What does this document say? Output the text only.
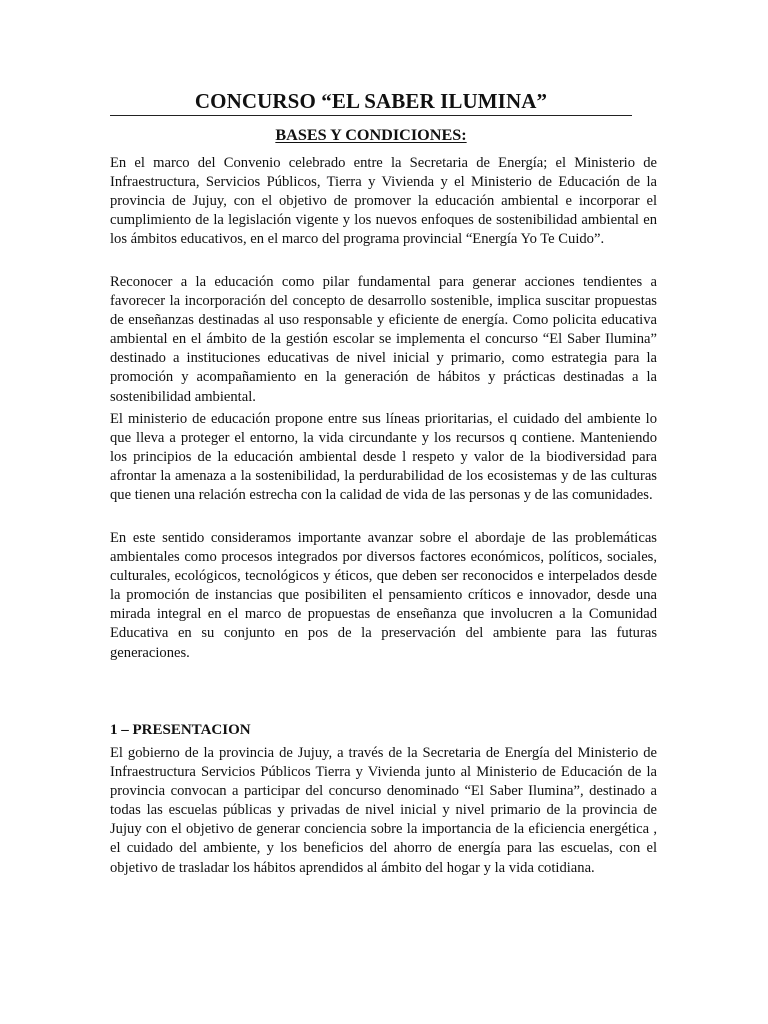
CONCURSO “EL SABER ILUMINA”
BASES Y CONDICIONES:

En el marco del Convenio celebrado entre la Secretaria de Energía; el Ministerio de Infraestructura, Servicios Públicos, Tierra y Vivienda y el Ministerio de Educación de la provincia de Jujuy, con el objetivo de promover la educación ambiental e incorporar el cumplimiento de la legislación vigente y los nuevos enfoques de sostenibilidad ambiental en los ámbitos educativos, en el marco del programa provincial “Energía Yo Te Cuido”.

Reconocer a la educación como pilar fundamental para generar acciones tendientes a favorecer la incorporación del concepto de desarrollo sostenible, implica suscitar propuestas de enseñanzas destinadas al uso responsable y eficiente de energía. Como policita educativa ambiental en el ámbito de la gestión escolar se implementa el concurso “El Saber Ilumina” destinado a instituciones educativas de nivel inicial y primario, como estrategia para la promoción y acompañamiento en la generación de hábitos y prácticas destinadas a la sostenibilidad ambiental.

El ministerio de educación propone entre sus líneas prioritarias, el cuidado del ambiente lo que lleva a proteger el entorno, la vida circundante y los recursos q contiene. Manteniendo los principios de la educación ambiental desde l respeto y valor de la biodiversidad para afrontar la amenaza a la sostenibilidad, la perdurabilidad de los ecosistemas y de las culturas que tienen una relación estrecha con la calidad de vida de las personas y de las comunidades.

En este sentido consideramos importante avanzar sobre el abordaje de las problemáticas ambientales como procesos integrados por diversos factores económicos, políticos, sociales, culturales, ecológicos, tecnológicos y éticos, que deben ser reconocidos e interpelados desde la promoción de instancias que posibiliten el pensamiento críticos e innovador, desde una mirada integral en el marco de propuestas de enseñanza que involucren a la Comunidad Educativa en su conjunto en pos de la preservación del ambiente para las futuras generaciones.

1 – PRESENTACION

El gobierno de la provincia de Jujuy, a través de la Secretaria de Energía del Ministerio de Infraestructura Servicios Públicos Tierra y Vivienda junto al Ministerio de Educación de la provincia convocan a participar del concurso denominado “El Saber Ilumina”, destinado a todas las escuelas públicas y privadas de nivel inicial y nivel primario de la provincia de Jujuy con el objetivo de generar conciencia sobre la importancia de la eficiencia energética , el cuidado del ambiente, y los beneficios del ahorro de energía para las escuelas, con el objetivo de trasladar los hábitos aprendidos al ámbito del hogar y la vida cotidiana.
